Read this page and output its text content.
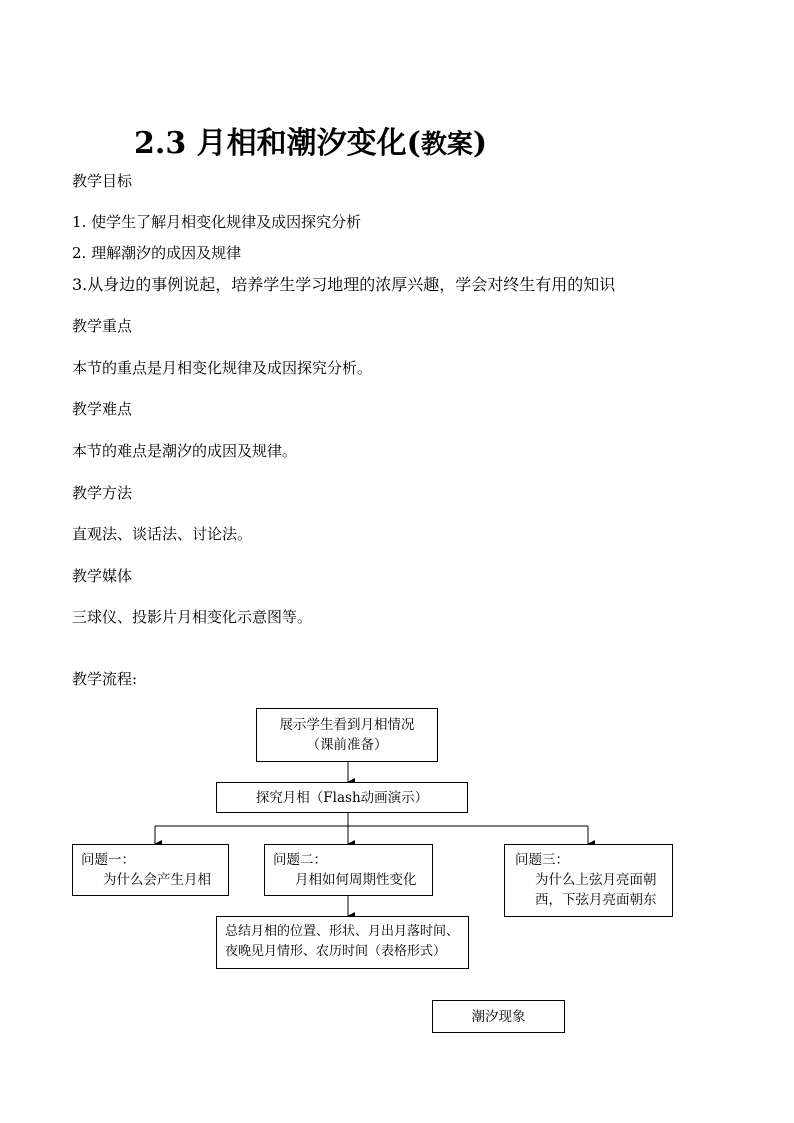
2.3 月相和潮汐变化(教案)
教学目标
1. 使学生了解月相变化规律及成因探究分析
2. 理解潮汐的成因及规律
3.从身边的事例说起，培养学生学习地理的浓厚兴趣，学会对终生有用的知识
教学重点
本节的重点是月相变化规律及成因探究分析。
教学难点
本节的难点是潮汐的成因及规律。
教学方法
直观法、谈话法、讨论法。
教学媒体
三球仪、投影片月相变化示意图等。
教学流程:
展示学生看到月相情况
（课前准备）
探究月相（Flash动画演示）
问题一：
为什么会产生月相
问题二：
月相如何周期性变化
问题三：
为什么上弦月亮面朝
西，下弦月亮面朝东
总结月相的位置、形状、月出月落时间、
夜晚见月情形、农历时间（表格形式）
潮汐现象
